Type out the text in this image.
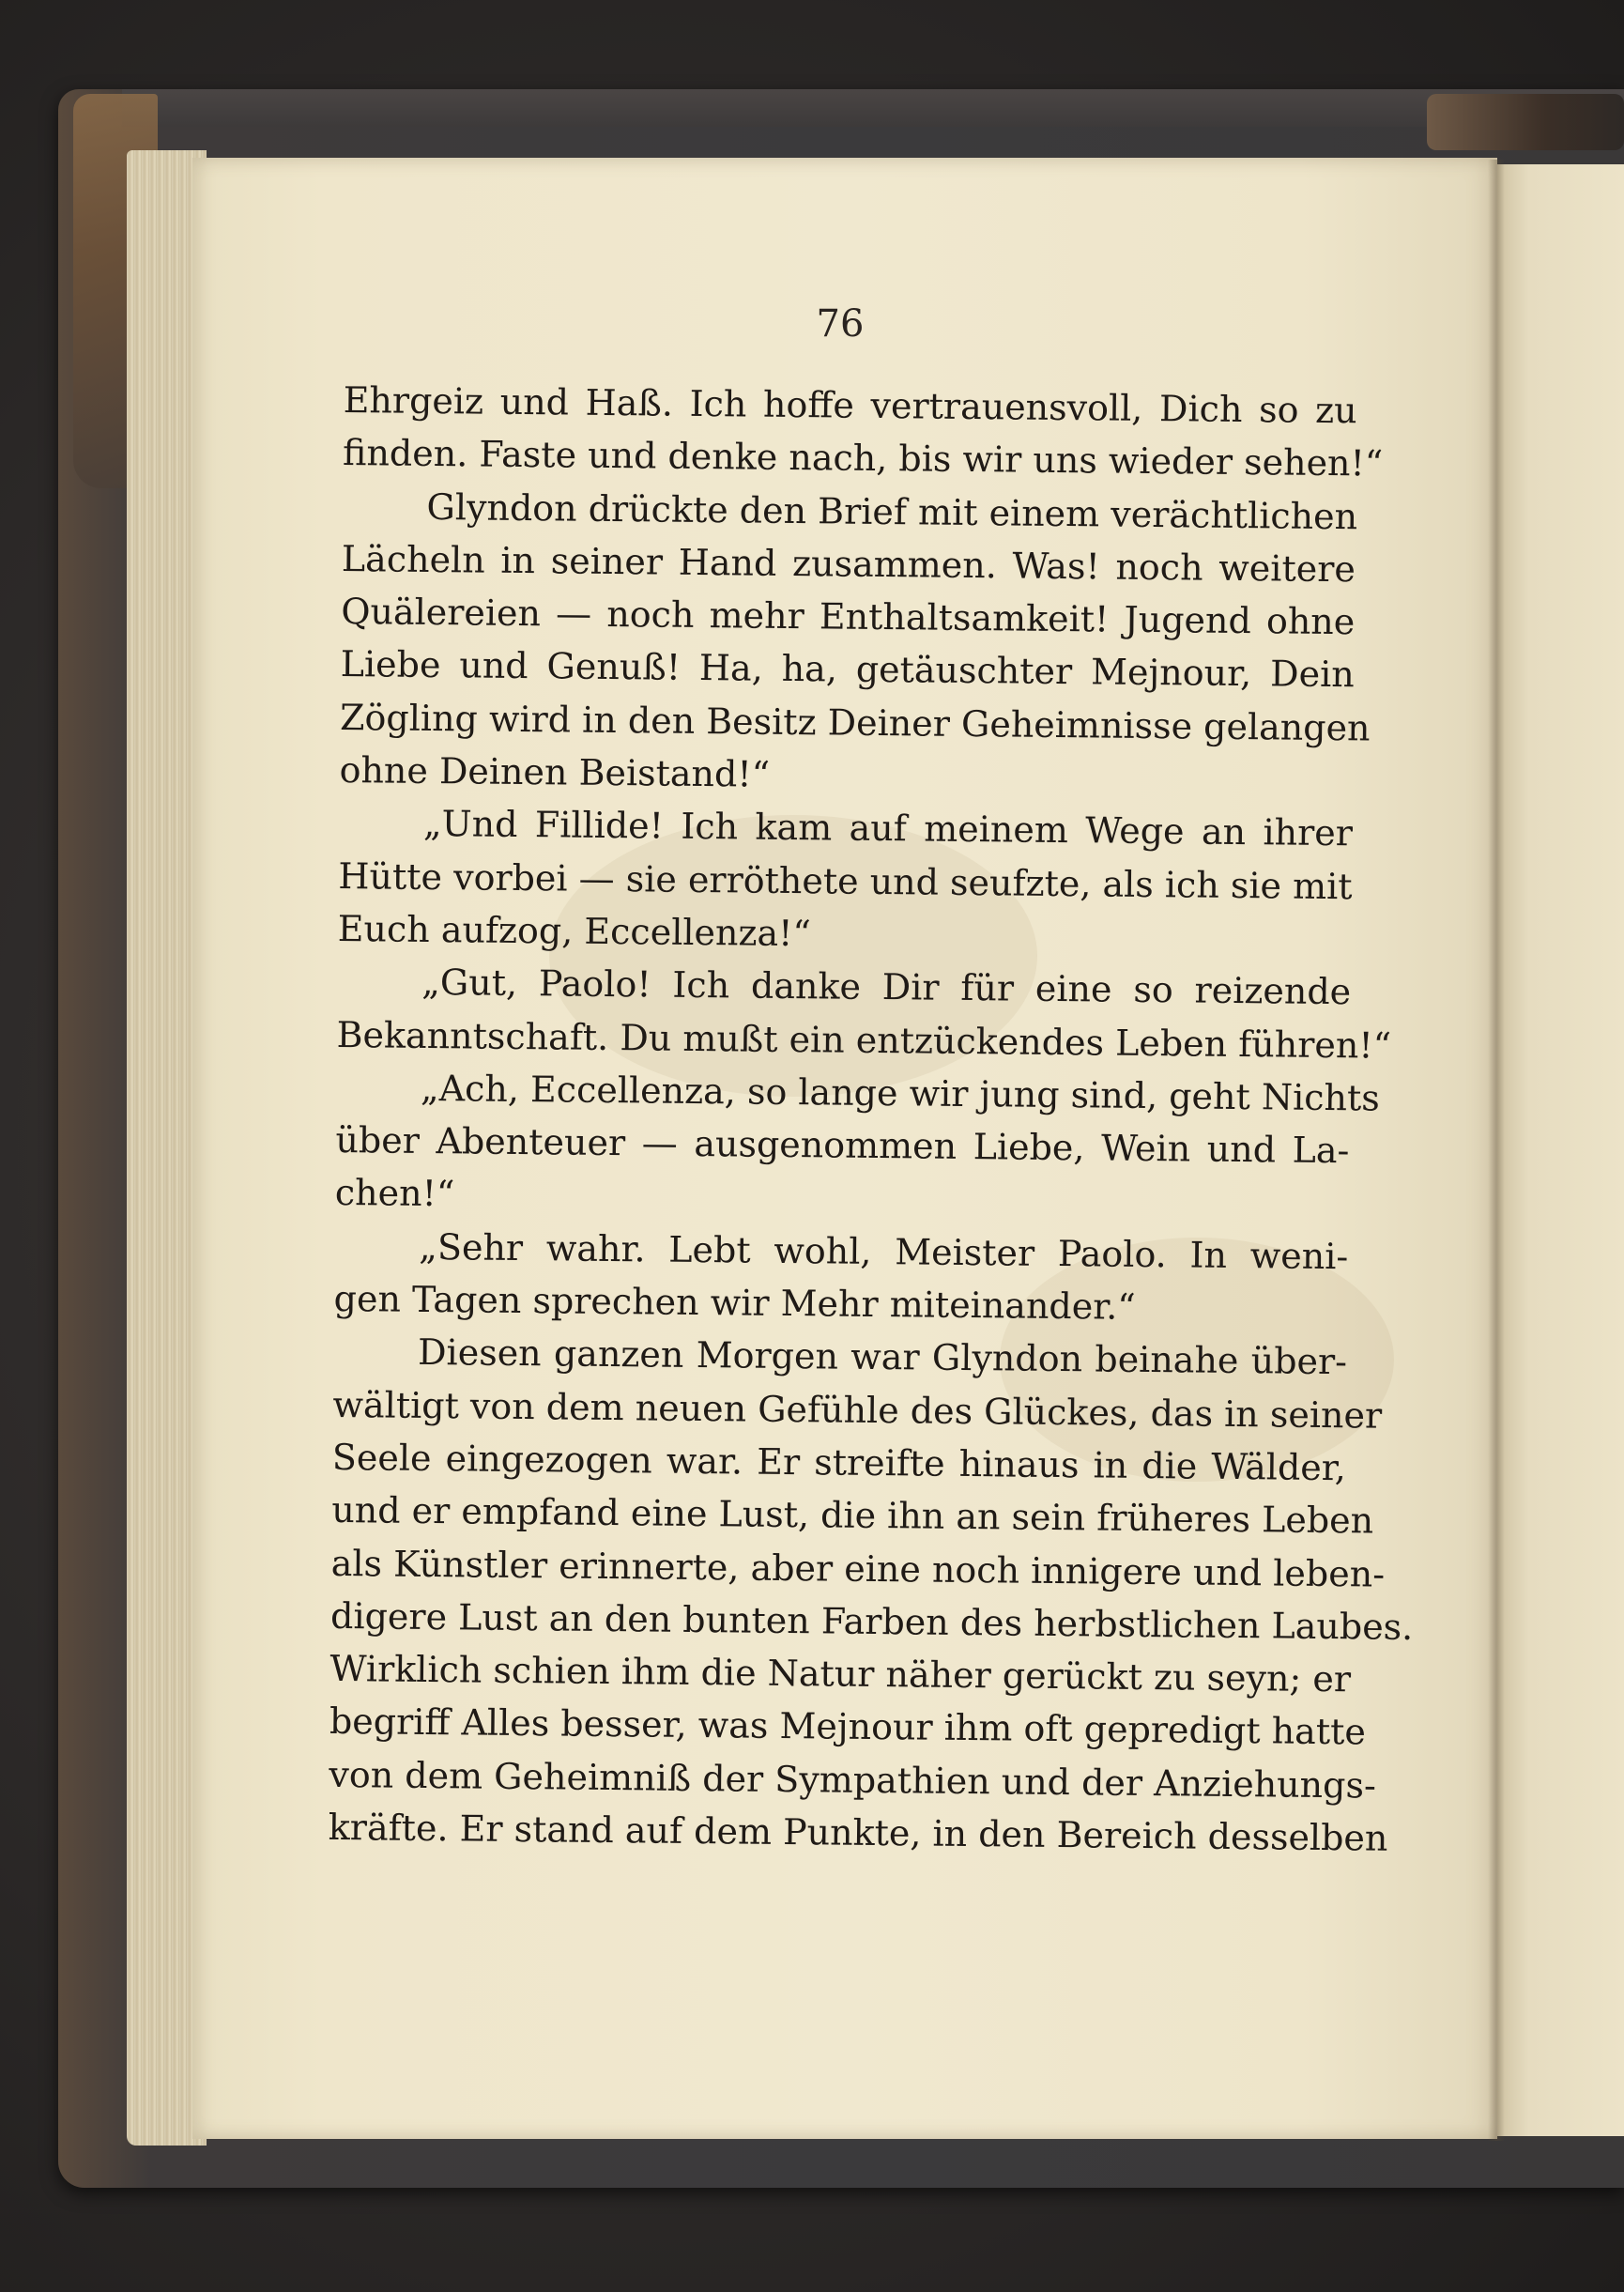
76
Ehrgeiz und Haß. Ich hoffe vertrauensvoll, Dich so zu
finden. Faste und denke nach, bis wir uns wieder sehen!“
Glyndon drückte den Brief mit einem verächtlichen
Lächeln in seiner Hand zusammen. Was! noch weitere
Quälereien — noch mehr Enthaltsamkeit! Jugend ohne
Liebe und Genuß! Ha, ha, getäuschter Mejnour, Dein
Zögling wird in den Besitz Deiner Geheimnisse gelangen
ohne Deinen Beistand!“
„Und Fillide! Ich kam auf meinem Wege an ihrer
Hütte vorbei — sie erröthete und seufzte, als ich sie mit
Euch aufzog, Eccellenza!“
„Gut, Paolo! Ich danke Dir für eine so reizende
Bekanntschaft. Du mußt ein entzückendes Leben führen!“
„Ach, Eccellenza, so lange wir jung sind, geht Nichts
über Abenteuer — ausgenommen Liebe, Wein und La-
chen!“
„Sehr wahr. Lebt wohl, Meister Paolo. In weni-
gen Tagen sprechen wir Mehr miteinander.“
Diesen ganzen Morgen war Glyndon beinahe über-
wältigt von dem neuen Gefühle des Glückes, das in seiner
Seele eingezogen war. Er streifte hinaus in die Wälder,
und er empfand eine Lust, die ihn an sein früheres Leben
als Künstler erinnerte, aber eine noch innigere und leben-
digere Lust an den bunten Farben des herbstlichen Laubes.
Wirklich schien ihm die Natur näher gerückt zu seyn; er
begriff Alles besser, was Mejnour ihm oft gepredigt hatte
von dem Geheimniß der Sympathien und der Anziehungs-
kräfte. Er stand auf dem Punkte, in den Bereich desselben
